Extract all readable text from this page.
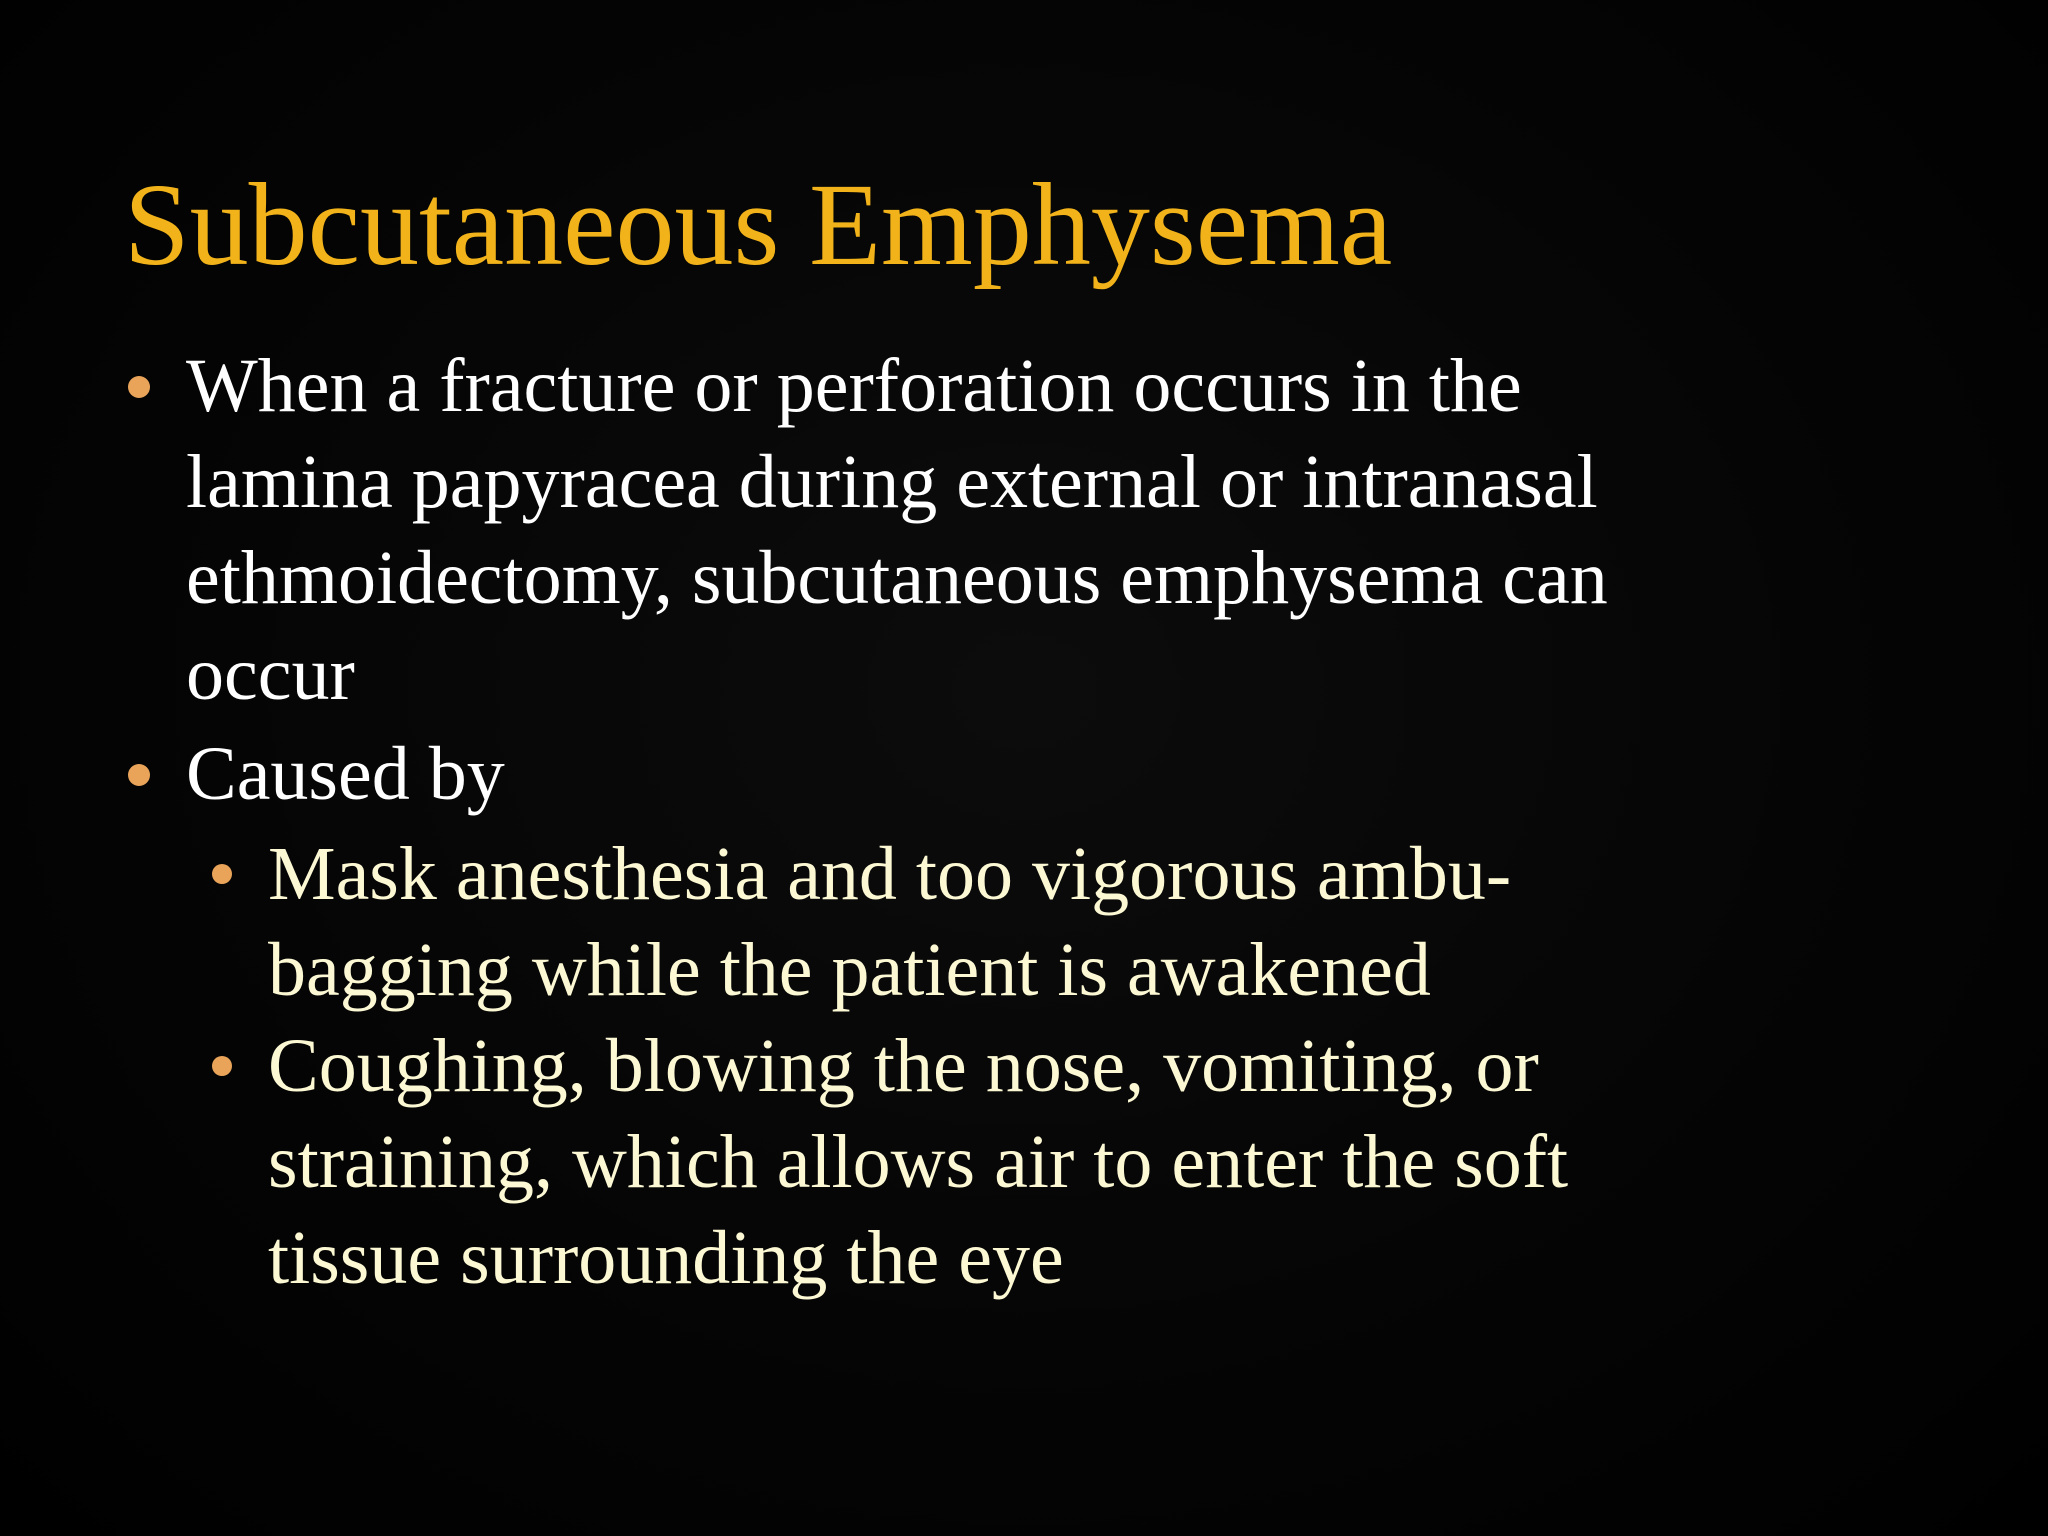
Subcutaneous Emphysema
When a fracture or perforation occurs in the
lamina papyracea during external or intranasal
ethmoidectomy, subcutaneous emphysema can
occur
Caused by
Mask anesthesia and too vigorous ambu-
bagging while the patient is awakened
Coughing, blowing the nose, vomiting, or
straining, which allows air to enter the soft
tissue surrounding the eye
